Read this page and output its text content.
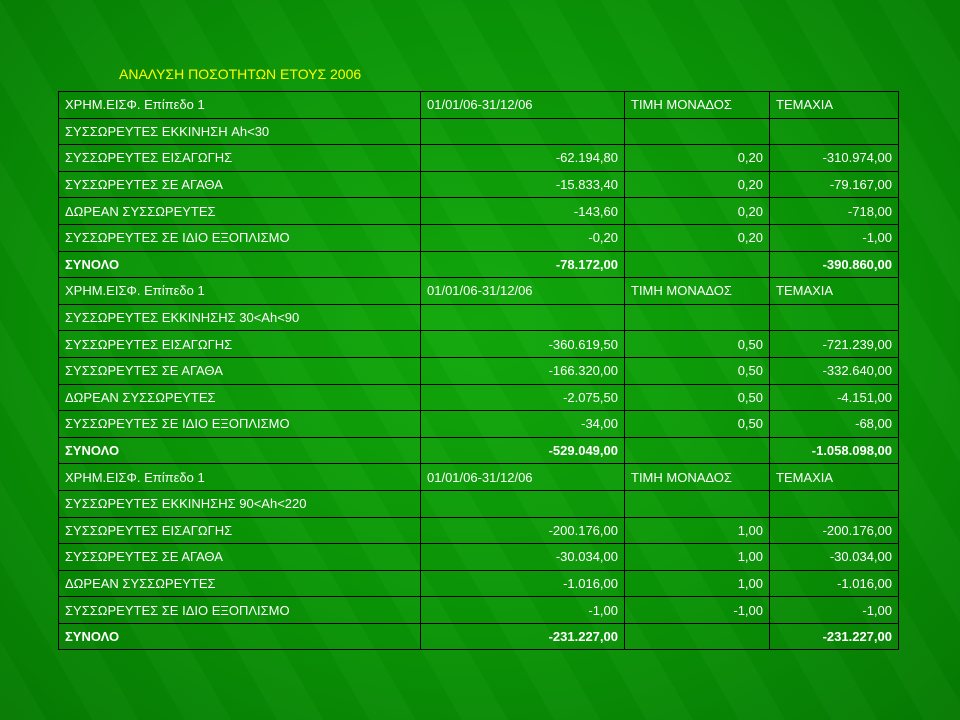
ΑΝΑΛΥΣΗ ΠΟΣΟΤΗΤΩΝ ΕΤΟΥΣ 2006
ΧΡΗΜ.ΕΙΣΦ. Επίπεδο 1	01/01/06-31/12/06	ΤΙΜΗ ΜΟΝΑΔΟΣ	ΤΕΜΑΧΙΑ
ΣΥΣΣΩΡΕΥΤΕΣ ΕΚΚΙΝΗΣΗ Ah<30			
ΣΥΣΣΩΡΕΥΤΕΣ ΕΙΣΑΓΩΓΗΣ	-62.194,80	0,20	-310.974,00
ΣΥΣΣΩΡΕΥΤΕΣ ΣΕ ΑΓΑΘΑ	-15.833,40	0,20	-79.167,00
ΔΩΡΕΑΝ ΣΥΣΣΩΡΕΥΤΕΣ	-143,60	0,20	-718,00
ΣΥΣΣΩΡΕΥΤΕΣ ΣΕ ΙΔΙΟ ΕΞΟΠΛΙΣΜΟ	-0,20	0,20	-1,00
ΣΥΝΟΛΟ	-78.172,00		-390.860,00
ΧΡΗΜ.ΕΙΣΦ. Επίπεδο 1	01/01/06-31/12/06	ΤΙΜΗ ΜΟΝΑΔΟΣ	ΤΕΜΑΧΙΑ
ΣΥΣΣΩΡΕΥΤΕΣ ΕΚΚΙΝΗΣΗΣ 30<Ah<90			
ΣΥΣΣΩΡΕΥΤΕΣ ΕΙΣΑΓΩΓΗΣ	-360.619,50	0,50	-721.239,00
ΣΥΣΣΩΡΕΥΤΕΣ ΣΕ ΑΓΑΘΑ	-166.320,00	0,50	-332.640,00
ΔΩΡΕΑΝ ΣΥΣΣΩΡΕΥΤΕΣ	-2.075,50	0,50	-4.151,00
ΣΥΣΣΩΡΕΥΤΕΣ ΣΕ ΙΔΙΟ ΕΞΟΠΛΙΣΜΟ	-34,00	0,50	-68,00
ΣΥΝΟΛΟ	-529.049,00		-1.058.098,00
ΧΡΗΜ.ΕΙΣΦ. Επίπεδο 1	01/01/06-31/12/06	ΤΙΜΗ ΜΟΝΑΔΟΣ	ΤΕΜΑΧΙΑ
ΣΥΣΣΩΡΕΥΤΕΣ ΕΚΚΙΝΗΣΗΣ 90<Ah<220			
ΣΥΣΣΩΡΕΥΤΕΣ ΕΙΣΑΓΩΓΗΣ	-200.176,00	1,00	-200.176,00
ΣΥΣΣΩΡΕΥΤΕΣ ΣΕ ΑΓΑΘΑ	-30.034,00	1,00	-30.034,00
ΔΩΡΕΑΝ ΣΥΣΣΩΡΕΥΤΕΣ	-1.016,00	1,00	-1.016,00
ΣΥΣΣΩΡΕΥΤΕΣ ΣΕ ΙΔΙΟ ΕΞΟΠΛΙΣΜΟ	-1,00	-1,00	-1,00
ΣΥΝΟΛΟ	-231.227,00		-231.227,00
